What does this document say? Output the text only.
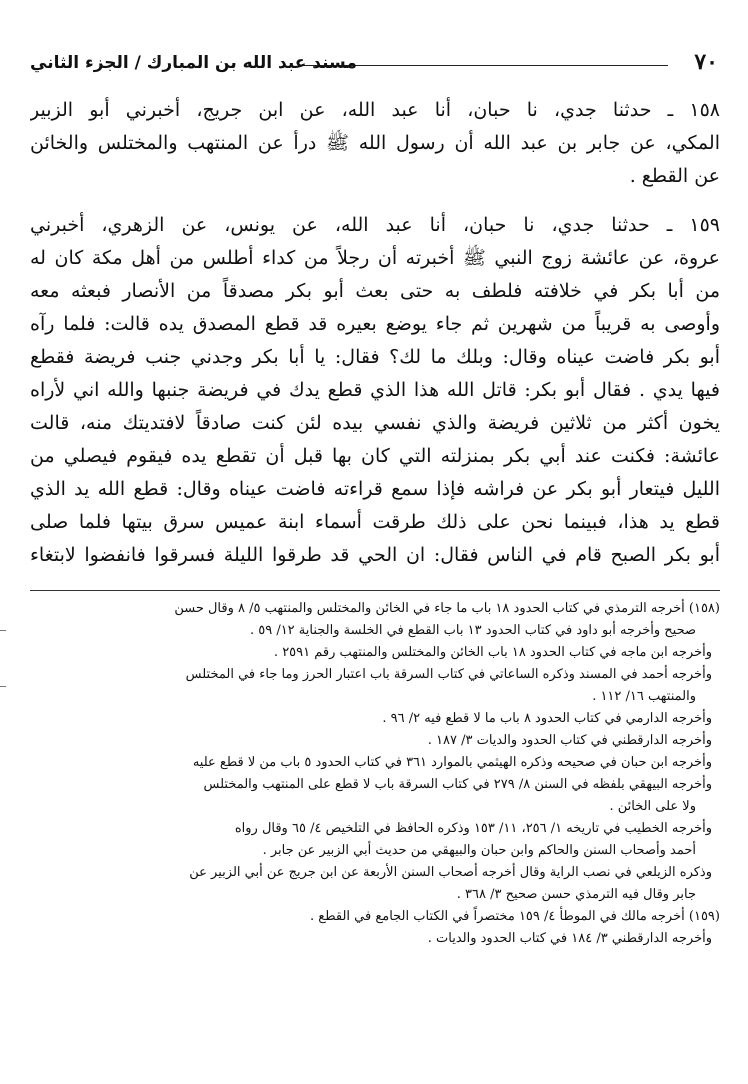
٧٠
مسند عبد الله بن المبارك / الجزء الثاني
١٥٨ ـ حدثنا جدي، نا حبان، أنا عبد الله، عن ابن جريج، أخبرني أبو الزبير
المكي، عن جابر بن عبد الله أن رسول الله ﷺ درأ عن المنتهب والمختلس والخائن
عن القطع .
١٥٩ ـ حدثنا جدي، نا حبان، أنا عبد الله، عن يونس، عن الزهري، أخبرني
عروة، عن عائشة زوج النبي ﷺ أخبرته أن رجلاً من كداء أطلس من أهل مكة كان له
من أبا بكر في خلافته فلطف به حتى بعث أبو بكر مصدقاً من الأنصار فبعثه معه
وأوصى به قريباً من شهرين ثم جاء يوضع بعيره قد قطع المصدق يده قالت: فلما رآه
أبو بكر فاضت عيناه وقال: وبلك ما لك؟ فقال: يا أبا بكر وجدني جنب فريضة فقطع
فيها يدي . فقال أبو بكر: قاتل الله هذا الذي قطع يدك في فريضة جنبها والله اني لأراه
يخون أكثر من ثلاثين فريضة والذي نفسي بيده لئن كنت صادقاً لافتديتك منه، قالت
عائشة: فكنت عند أبي بكر بمنزلته التي كان بها قبل أن تقطع يده فيقوم فيصلي من
الليل فيتعار أبو بكر عن فراشه فإذا سمع قراءته فاضت عيناه وقال: قطع الله يد الذي
قطع يد هذا، فبينما نحن على ذلك طرقت أسماء ابنة عميس سرق بيتها فلما صلى
أبو بكر الصبح قام في الناس فقال: ان الحي قد طرقوا الليلة فسرقوا فانفضوا لابتغاء
(١٥٨) أخرجه الترمذي في كتاب الحدود ١٨ باب ما جاء في الخائن والمختلس والمنتهب ٥/ ٨ وقال حسن
صحيح وأخرجه أبو داود في كتاب الحدود ١٣ باب القطع في الخلسة والجناية ١٢/ ٥٩ .
وأخرجه ابن ماجه في كتاب الحدود ١٨ باب الخائن والمختلس والمنتهب رقم ٢٥٩١ .
وأخرجه أحمد في المسند وذكره الساعاتي في كتاب السرقة باب اعتبار الحرز وما جاء في المختلس
والمنتهب ١٦/ ١١٢ .
وأخرجه الدارمي في كتاب الحدود ٨ باب ما لا قطع فيه ٢/ ٩٦ .
وأخرجه الدارقطني في كتاب الحدود والديات ٣/ ١٨٧ .
وأخرجه ابن حبان في صحيحه وذكره الهيثمي بالموارد ٣٦١ في كتاب الحدود ٥ باب من لا قطع عليه
وأخرجه البيهقي بلفظه في السنن ٨/ ٢٧٩ في كتاب السرقة باب لا قطع على المنتهب والمختلس
ولا على الخائن .
وأخرجه الخطيب في تاريخه ١/ ٢٥٦، ١١/ ١٥٣ وذكره الحافظ في التلخيص ٤/ ٦٥ وقال رواه
أحمد وأصحاب السنن والحاكم وابن حبان والبيهقي من حديث أبي الزبير عن جابر .
وذكره الزيلعي في نصب الراية وقال أخرجه أصحاب السنن الأربعة عن ابن جريج عن أبي الزبير عن
جابر وقال فيه الترمذي حسن صحيح ٣/ ٣٦٨ .
(١٥٩) أخرجه مالك في الموطأ ٤/ ١٥٩ مختصراً في الكتاب الجامع في القطع .
وأخرجه الدارقطني ٣/ ١٨٤ في كتاب الحدود والديات .
